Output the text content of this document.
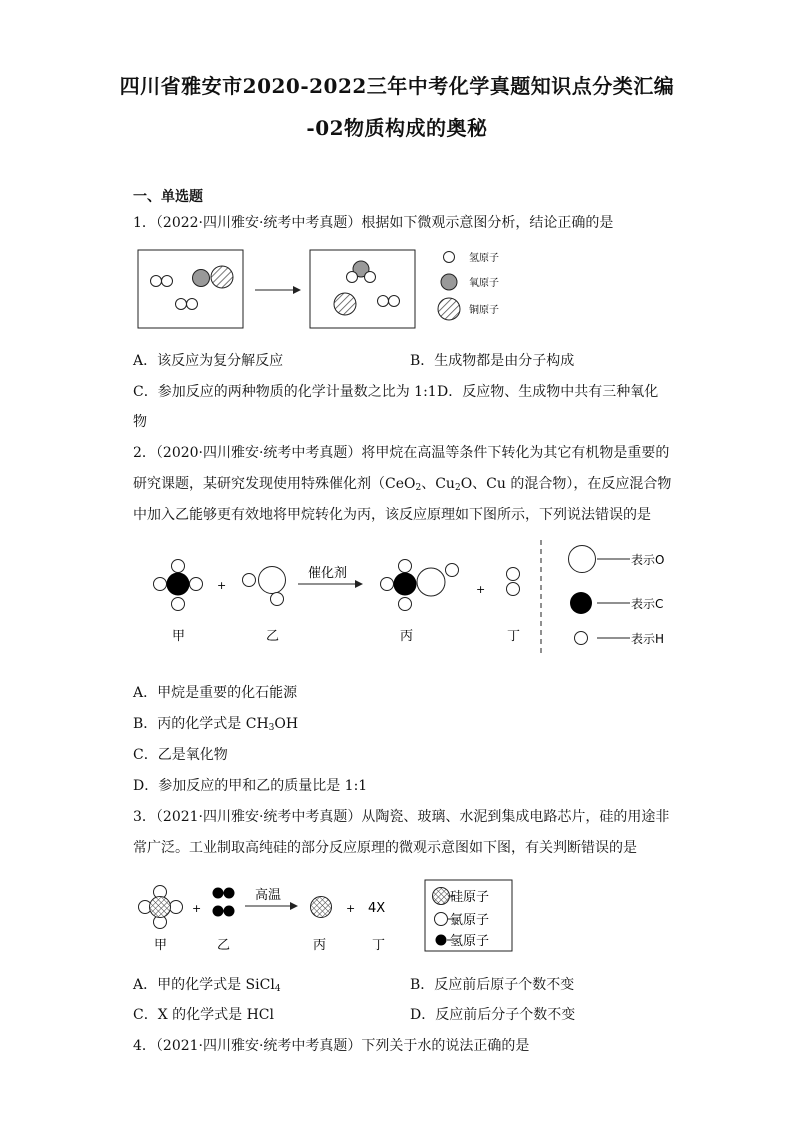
四川省雅安市2020-2022三年中考化学真题知识点分类汇编
-02物质构成的奥秘
一、单选题
1．（2022·四川雅安·统考中考真题）根据如下微观示意图分析，结论正确的是
氢原子
氧原子
铜原子
+
催化剂
+
表示O
表示C
表示H
甲	乙	丙	丁
+
高温
+ 4X
硅原子
氯原子
氢原子
甲	乙	丙	丁
A．该反应为复分解反应	B．生成物都是由分子构成
C．参加反应的两种物质的化学计量数之比为 1:1 D．反应物、生成物中共有三种氧化
物
2．（2020·四川雅安·统考中考真题）将甲烷在高温等条件下转化为其它有机物是重要的
研究课题，某研究发现使用特殊催化剂（CeO$_2$、$Cu_2O$、Cu 的混合物），在反应混合物
中加入乙能够更有效地将甲烷转化为丙，该反应原理如下图所示，下列说法错误的是
A．甲烷是重要的化石能源
B．丙的化学式是 $CH_3OH$
C．乙是氧化物
D．参加反应的甲和乙的质量比是 1:1
3．（2021·四川雅安·统考中考真题）从陶瓷、玻璃、水泥到集成电路芯片，硅的用途非
常广泛。工业制取高纯硅的部分反应原理的微观示意图如下图，有关判断错误的是
A．甲的化学式是 SiCl$_4$	B．反应前后原子个数不变
C．X 的化学式是 HCl	D．反应前后分子个数不变
4．（2021·四川雅安·统考中考真题）下列关于水的说法正确的是
